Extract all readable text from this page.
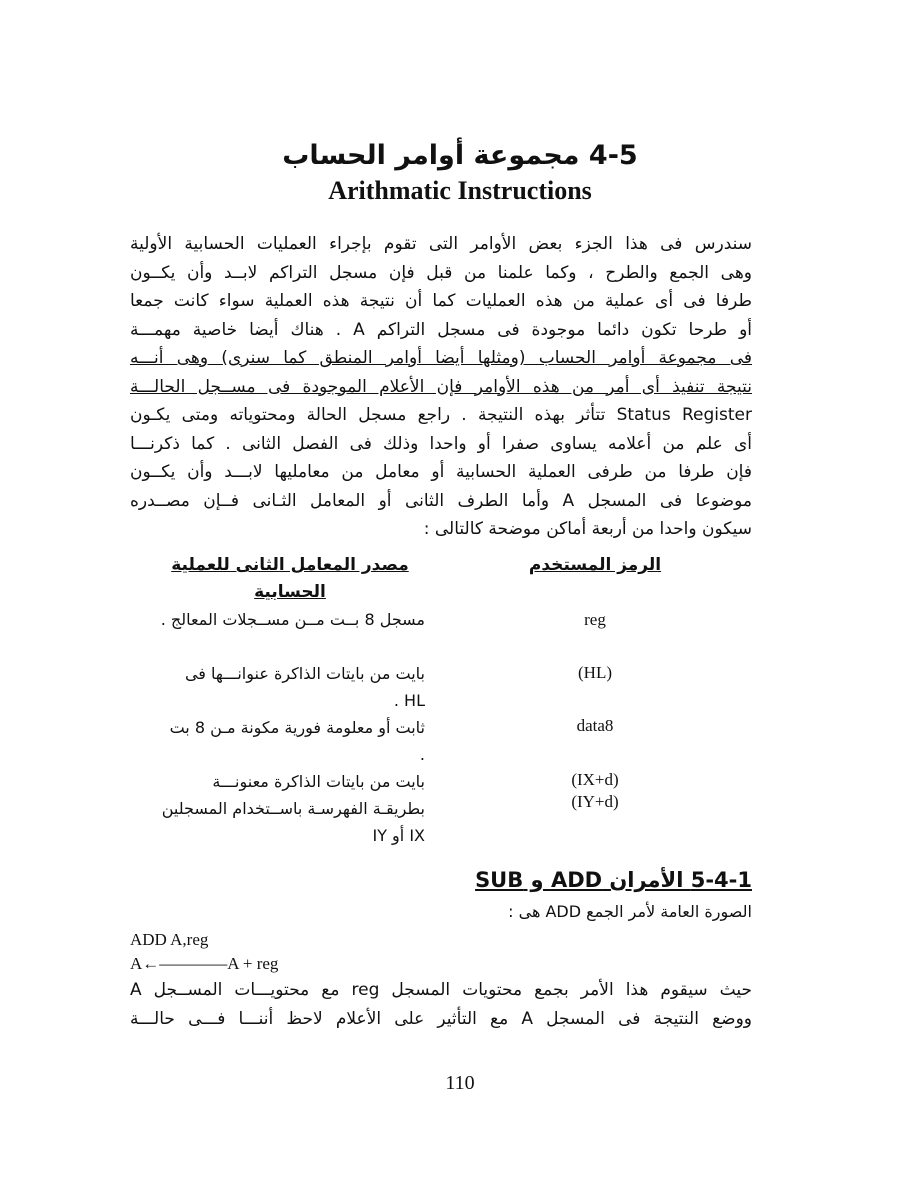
4-5 مجموعة أوامر الحساب
Arithmatic Instructions
سندرس فى هذا الجزء بعض الأوامر التى تقوم بإجراء العمليات الحسابية الأولية
وهى الجمع والطرح ، وكما علمنا من قبل فإن مسجل التراكم لابــد وأن يكــون
طرفا فى أى عملية من هذه العمليات كما أن نتيجة هذه العملية سواء كانت جمعا
أو طرحا تكون دائما موجودة فى مسجل التراكم A . هناك أيضا خاصية مهمـــة
فى مجموعة أوامر الحساب (ومثلها أيضا أوامر المنطق كما سنرى) وهى أنـــه
نتيجة تنفيذ أى أمر من هذه الأوامر فإن الأعلام الموجودة فى مســجل الحالـــة
Status Register تتأثر بهذه النتيجة . راجع مسجل الحالة ومحتوياته ومتى يكـون
أى علم من أعلامه يساوى صفرا أو واحدا وذلك فى الفصل الثانى . كما ذكرنـــا
فإن طرفا من طرفى العملية الحسابية أو معامل من معامليها لابـــد وأن يكــون
موضوعا فى المسجل A وأما الطرف الثانى أو المعامل الثـانى فــإن مصــدره
سيكون واحدا من أربعة أماكن موضحة كالتالى :
الرمز المستخدم
مصدر المعامل الثانى للعملية الحسابية
reg
مسجل 8 بــت مــن مســجلات المعالج .
(HL)
بايت من بايتات الذاكرة عنوانـــها فى HL .
data8
ثابت أو معلومة فورية مكونة مـن 8 بت .
(IX+d)
(IY+d)
بايت من بايتات الذاكرة معنونـــة بطريقـة الفهرسـة باســتخدام المسجلين IX أو IY
5-4-1 الأمران ADD و SUB
الصورة العامة لأمر الجمع ADD هى :
ADD A,reg
A←――――A + reg
حيث سيقوم هذا الأمر بجمع محتويات المسجل reg مع محتويـــات المســجل A
ووضع النتيجة فى المسجل A مع التأثير على الأعلام لاحظ أننـــا فـــى حالـــة
110
